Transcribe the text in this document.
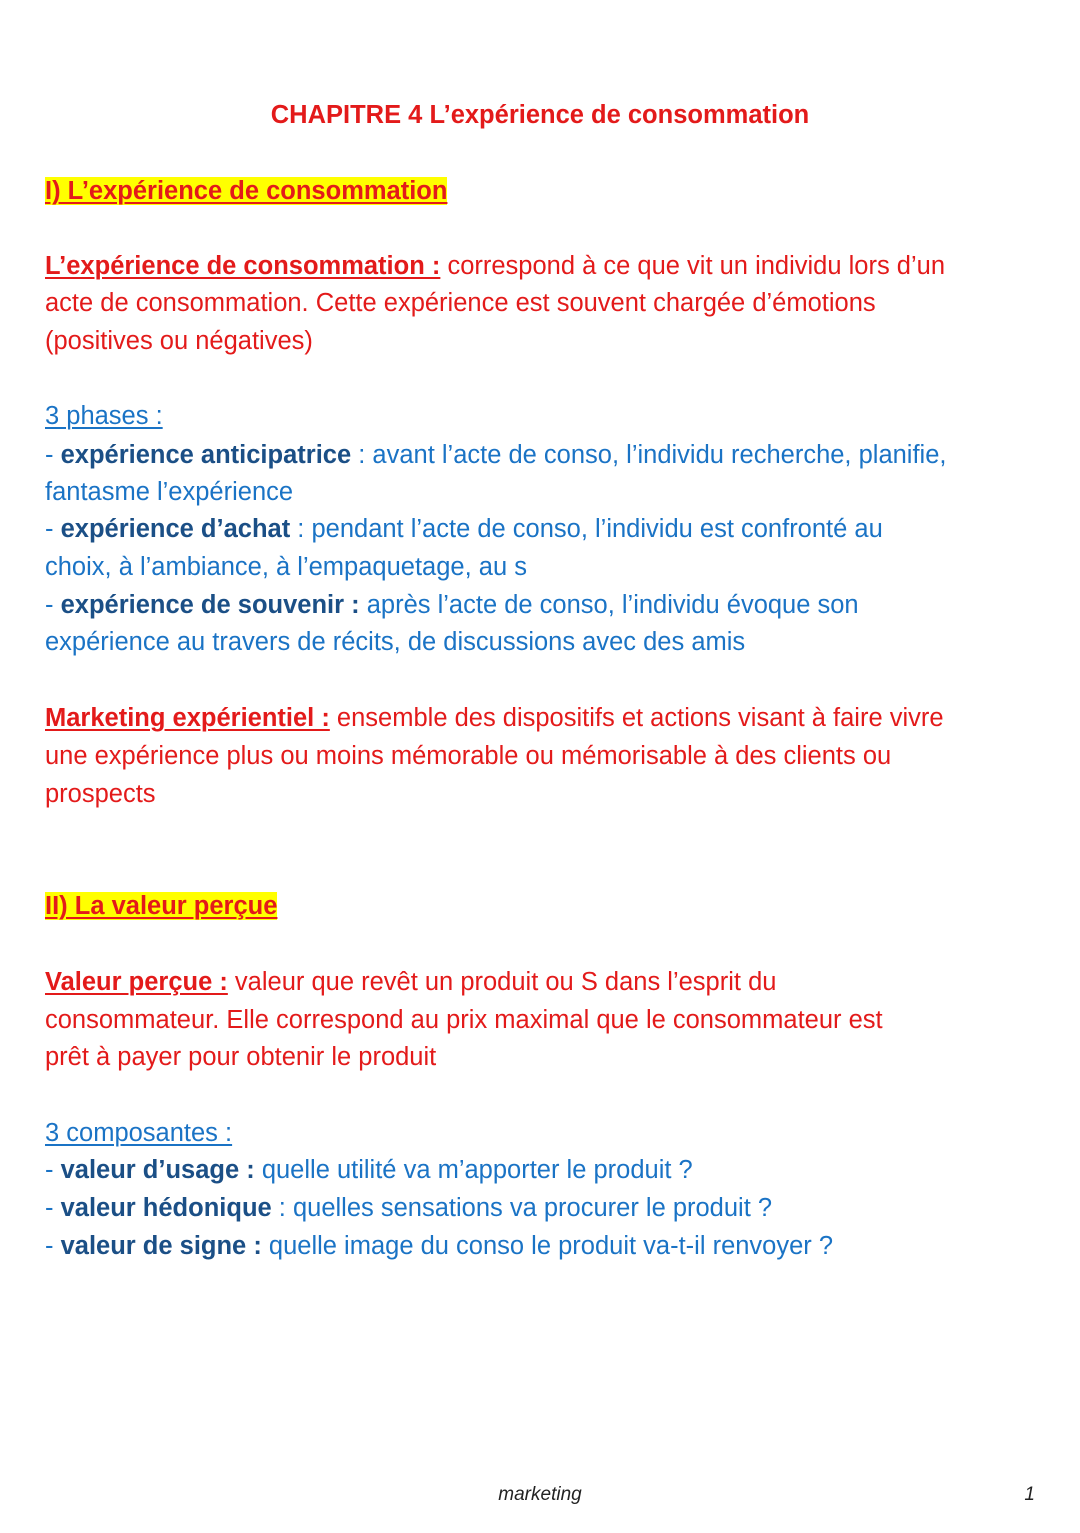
CHAPITRE 4 L’expérience de consommation
I) L’expérience de consommation
L’expérience de consommation : correspond à ce que vit un individu lors d’un
acte de consommation. Cette expérience est souvent chargée d’émotions
(positives ou négatives)
3 phases :
- expérience anticipatrice : avant l’acte de conso, l’individu recherche, planifie,
fantasme l’expérience
- expérience d’achat : pendant l’acte de conso, l’individu est confronté au
choix, à l’ambiance, à l’empaquetage, au s
- expérience de souvenir : après l’acte de conso, l’individu évoque son
expérience au travers de récits, de discussions avec des amis
Marketing expérientiel : ensemble des dispositifs et actions visant à faire vivre
une expérience plus ou moins mémorable ou mémorisable à des clients ou
prospects
II) La valeur perçue
Valeur perçue : valeur que revêt un produit ou S dans l’esprit du
consommateur. Elle correspond au prix maximal que le consommateur est
prêt à payer pour obtenir le produit
3 composantes :
- valeur d’usage : quelle utilité va m’apporter le produit ?
- valeur hédonique : quelles sensations va procurer le produit ?
- valeur de signe : quelle image du conso le produit va-t-il renvoyer ?
marketing	1
